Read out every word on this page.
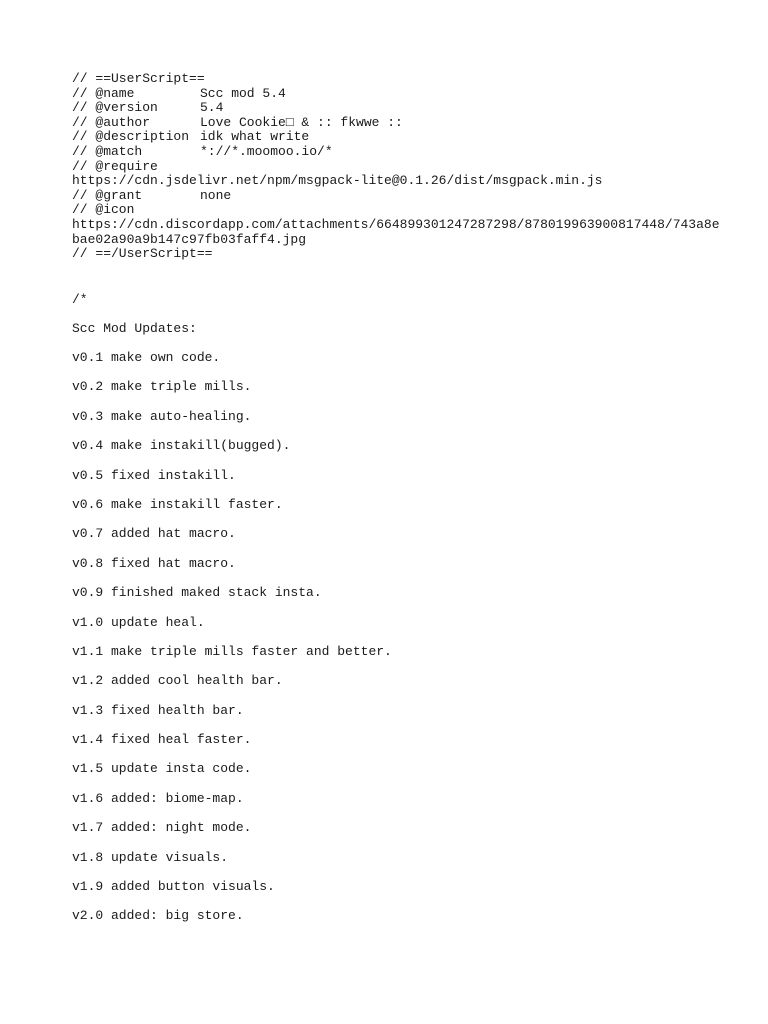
// ==UserScript==
// @name	Scc mod 5.4
// @version	5.4
// @author	Love Cookie□ & :: fkwwe ::
// @description idk what write
// @match	*://*.moomoo.io/*
// @require
https://cdn.jsdelivr.net/npm/msgpack-lite@0.1.26/dist/msgpack.min.js
// @grant	none
// @icon
https://cdn.discordapp.com/attachments/664899301247287298/878019963900817448/743a8e
bae02a90a9b147c97fb03faff4.jpg
// ==/UserScript==
/*
Scc Mod Updates:
v0.1 make own code.
v0.2 make triple mills.
v0.3 make auto-healing.
v0.4 make instakill(bugged).
v0.5 fixed instakill.
v0.6 make instakill faster.
v0.7 added hat macro.
v0.8 fixed hat macro.
v0.9 finished maked stack insta.
v1.0 update heal.
v1.1 make triple mills faster and better.
v1.2 added cool health bar.
v1.3 fixed health bar.
v1.4 fixed heal faster.
v1.5 update insta code.
v1.6 added: biome-map.
v1.7 added: night mode.
v1.8 update visuals.
v1.9 added button visuals.
v2.0 added: big store.
